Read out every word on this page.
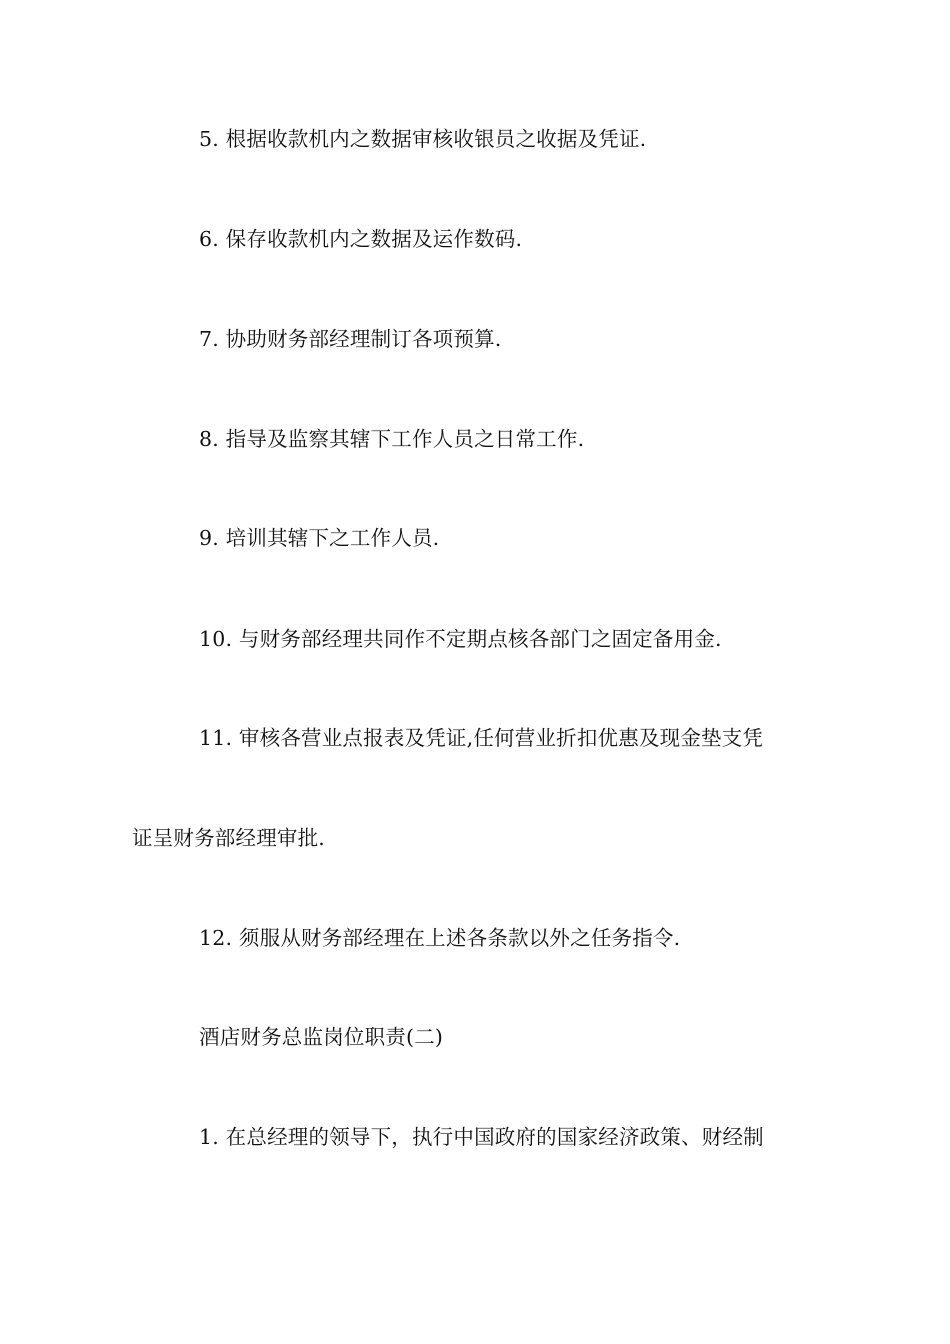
5. 根据收款机内之数据审核收银员之收据及凭证.
6. 保存收款机内之数据及运作数码.
7. 协助财务部经理制订各项预算.
8. 指导及监察其辖下工作人员之日常工作.
9. 培训其辖下之工作人员.
10. 与财务部经理共同作不定期点核各部门之固定备用金.
11. 审核各营业点报表及凭证,任何营业折扣优惠及现金垫支凭
证呈财务部经理审批.
12. 须服从财务部经理在上述各条款以外之任务指令.
酒店财务总监岗位职责(二)
1. 在总经理的领导下，执行中国政府的国家经济政策、财经制
